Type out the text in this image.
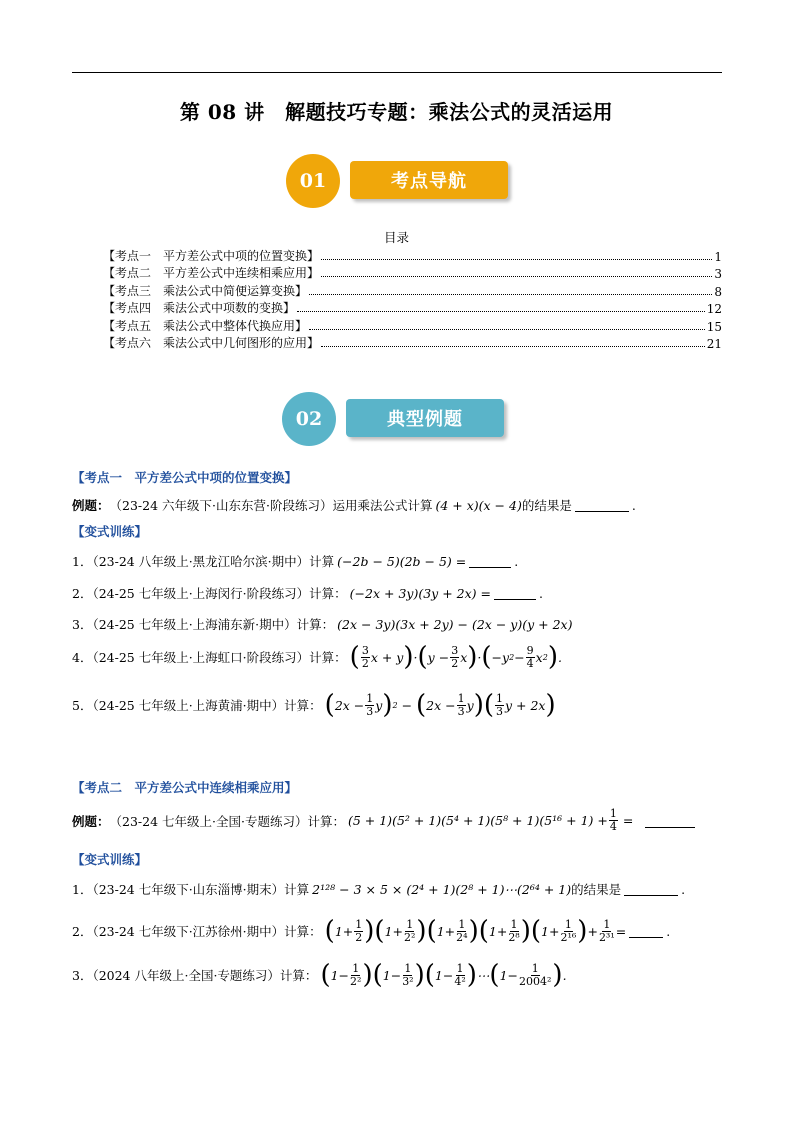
第 08 讲　解题技巧专题：乘法公式的灵活运用
01	考点导航
目录
【考点一　平方差公式中项的位置变换】	1
【考点二　平方差公式中连续相乘应用】	3
【考点三　乘法公式中简便运算变换】	8
【考点四　乘法公式中项数的变换】	12
【考点五　乘法公式中整体代换应用】	15
【考点六　乘法公式中几何图形的应用】	21
02	典型例题
【考点一　平方差公式中项的位置变换】
例题： （23-24 六年级下·山东东营·阶段练习）运用乘法公式计算 (4 + x)(x − 4) 的结果是	.
【变式训练】
1．（23-24 八年级上·黑龙江哈尔滨·期中）计算 (−2b − 5)(2b − 5) =	.
2．（24-25 七年级上·上海闵行·阶段练习）计算： (−2x + 3y)(3y + 2x) =	.
3．（24-25 七年级上·上海浦东新·期中）计算： (2x − 3y)(3x + 2y) − (2x − y)(y + 2x)
4．（24-25 七年级上·上海虹口·阶段练习）计算： ( $\frac{3}{2}$ x + y ) · ( $y - \frac{3}{2}$ x ) · ( −y $2 - \frac{9}{4}$ x 2 ) .
5．（24-25 七年级上·上海黄浦·期中）计算： ( $2x - \frac{1}{3}$ y ) 2 − ( $2x - \frac{1}{3}$ y )( $\frac{1}{3}$ y + 2x )
【考点二　平方差公式中连续相乘应用】
例题： （23-24 七年级上·全国·专题练习）计算： $(5 + 1)(5^2 + 1)(5^4 + 1)(5^8 + 1)(5^{16} + 1) + \frac{1}{4}$ =
【变式训练】
1．（23-24 七年级下·山东淄博·期末）计算 2¹²⁸ − 3 × 5 × (2⁴ + 1)(2⁸ + 1)⋯(2⁶⁴ + 1) 的结果是	.
2．（23-24 七年级下·江苏徐州·期中）计算： ( $1+ \frac{1}{2}$ )( $1+ \frac{1}{\text{2²}}$ )( $1+ \frac{1}{\text{2⁴}}$ )( $1+ \frac{1}{\text{2⁸}}$ )( $1+ \frac{1}{\text{2¹⁶}}$ ) + $\frac{1}{\text{2³¹}}$ =	.
3．（2024 八年级上·全国·专题练习）计算： ( $1- \frac{1}{\text{2²}}$ )( $1- \frac{1}{\text{3²}}$ )( $1- \frac{1}{\text{4²}}$ ) ⋯ ( $1- \frac{1}{\text{2004²}}$ ) .
